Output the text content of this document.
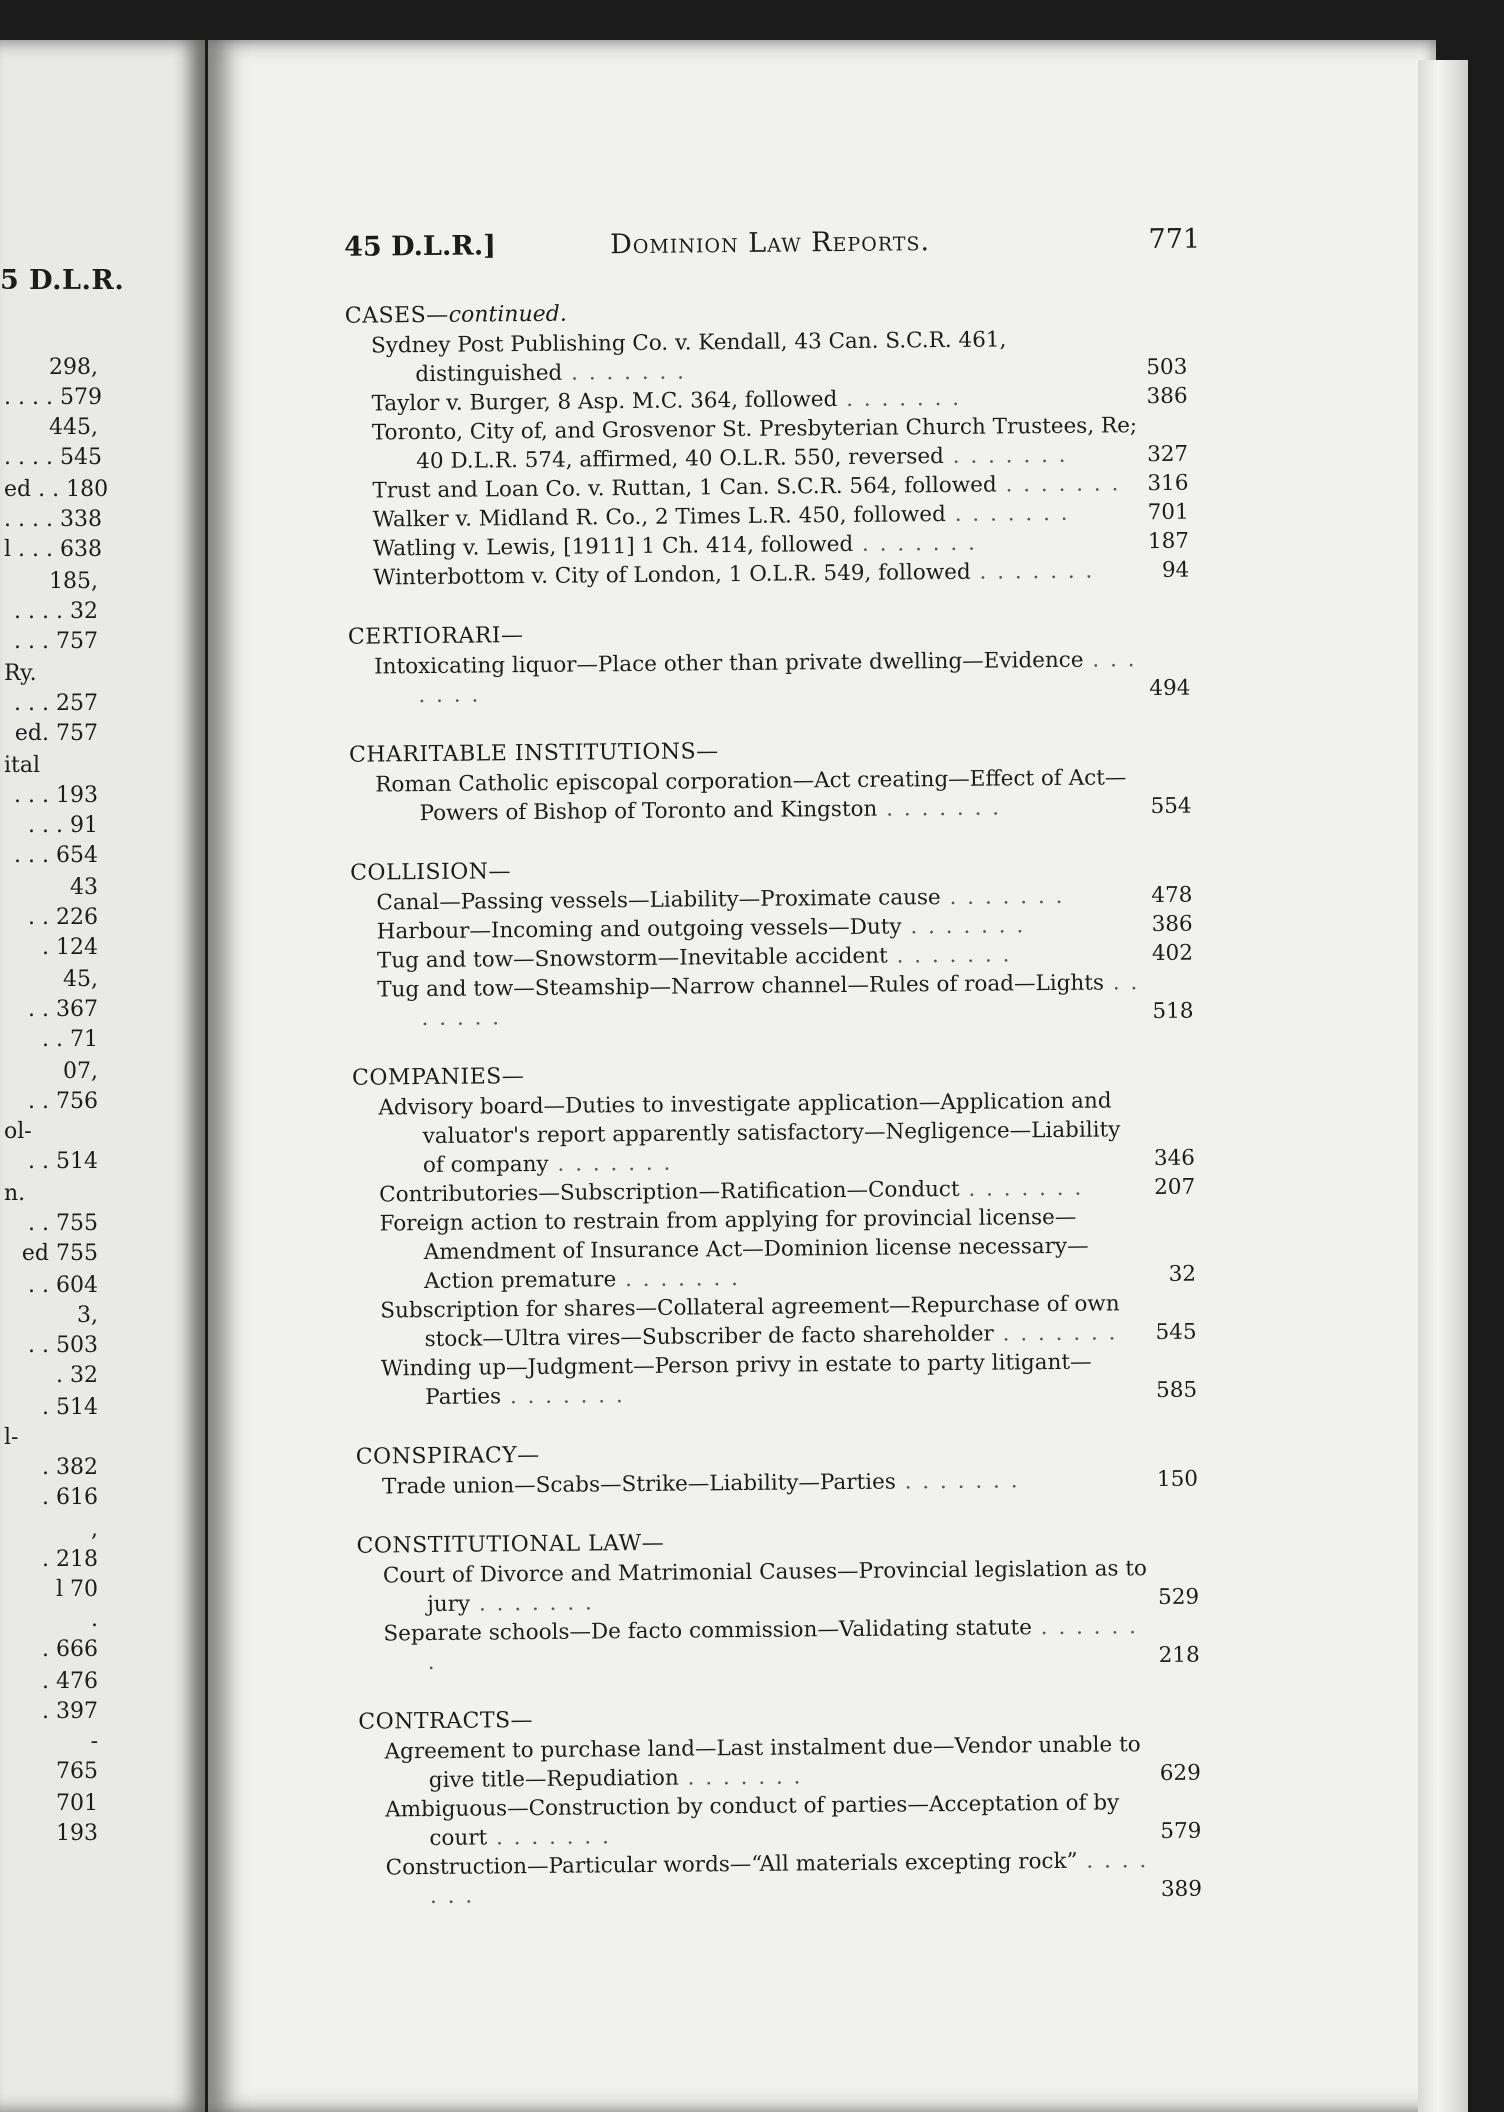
5 D.L.R.
298,
. . . . 579
445,
. . . . 545
ed . . 180
. . . . 338
l . . . 638
185,
. . . . 32
. . . 757
Ry.
. . . 257
ed. 757
ital
. . . 193
. . . 91
. . . 654
43
. . 226
. 124
45,
. . 367
. . 71
07,
. . 756
ol-
. . 514
n.
. . 755
ed 755
. . 604
3,
. . 503
. 32
. 514
l-
. 382
. 616
,
. 218
l 70
.
. 666
. 476
. 397
-
765
701
193
45 D.L.R.]	Dominion Law Reports.	771
CASES—continued.
Sydney Post Publishing Co. v. Kendall, 43 Can. S.C.R. 461, distinguished . . . . . . .	503
Taylor v. Burger, 8 Asp. M.C. 364, followed . . . . . . .	386
Toronto, City of, and Grosvenor St. Presbyterian Church Trustees, Re; 40 D.L.R. 574, affirmed, 40 O.L.R. 550, reversed . . . . . . .	327
Trust and Loan Co. v. Ruttan, 1 Can. S.C.R. 564, followed . . . . . . . 316
Walker v. Midland R. Co., 2 Times L.R. 450, followed . . . . . . .	701
Watling v. Lewis, [1911] 1 Ch. 414, followed . . . . . . .	187
Winterbottom v. City of London, 1 O.L.R. 549, followed . . . . . . .	94
CERTIORARI—
Intoxicating liquor—Place other than private dwelling—Evidence . . . . . . .	494
CHARITABLE INSTITUTIONS—
Roman Catholic episcopal corporation—Act creating—Effect of Act—Powers of Bishop of Toronto and Kingston . . . . . . .	554
COLLISION—
Canal—Passing vessels—Liability—Proximate cause . . . . . . .	478
Harbour—Incoming and outgoing vessels—Duty . . . . . . .	386
Tug and tow—Snowstorm—Inevitable accident . . . . . . .	402
Tug and tow—Steamship—Narrow channel—Rules of road—Lights . . . . . . .	518
COMPANIES—
Advisory board—Duties to investigate application—Application and valuator's report apparently satisfactory—Negligence—Liability of company . . . . . . .	346
Contributories—Subscription—Ratification—Conduct . . . . . . .	207
Foreign action to restrain from applying for provincial license—Amendment of Insurance Act—Dominion license necessary—Action premature . . . . . . .	32
Subscription for shares—Collateral agreement—Repurchase of own stock—Ultra vires—Subscriber de facto shareholder . . . . . . . 545
Winding up—Judgment—Person privy in estate to party litigant—Parties . . . . . . .	585
CONSPIRACY—
Trade union—Scabs—Strike—Liability—Parties . . . . . . .	150
CONSTITUTIONAL LAW—
Court of Divorce and Matrimonial Causes—Provincial legislation as to jury . . . . . . .	529
Separate schools—De facto commission—Validating statute . . . . . . .	218
CONTRACTS—
Agreement to purchase land—Last instalment due—Vendor unable to give title—Repudiation . . . . . . .	629
Ambiguous—Construction by conduct of parties—Acceptation of by court . . . . . . .	579
Construction—Particular words—“All materials excepting rock” . . . . . . .	389
